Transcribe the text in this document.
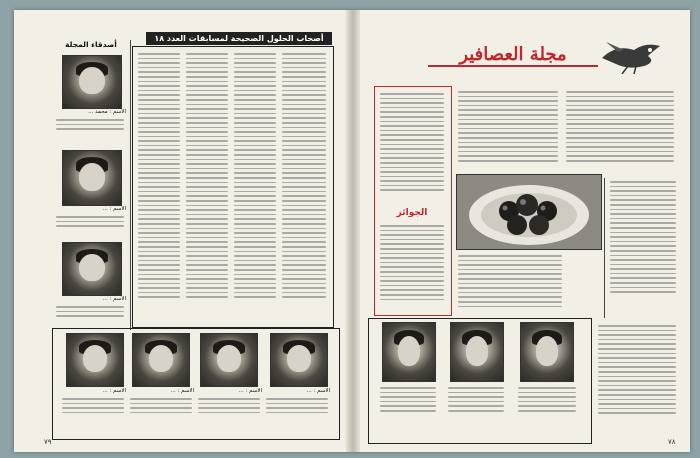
أصحاب الحلول الصحيحة لمسابقات العدد ١٨
أصدقاء المجلة
الاسم : محمد ...
الاسم : ...
الاسم : ...
الاسم : ...	الاسم : ...	الاسم : ...	الاسم : ...
٧٩
مجلة العصافير
الجوائز
٧٨
